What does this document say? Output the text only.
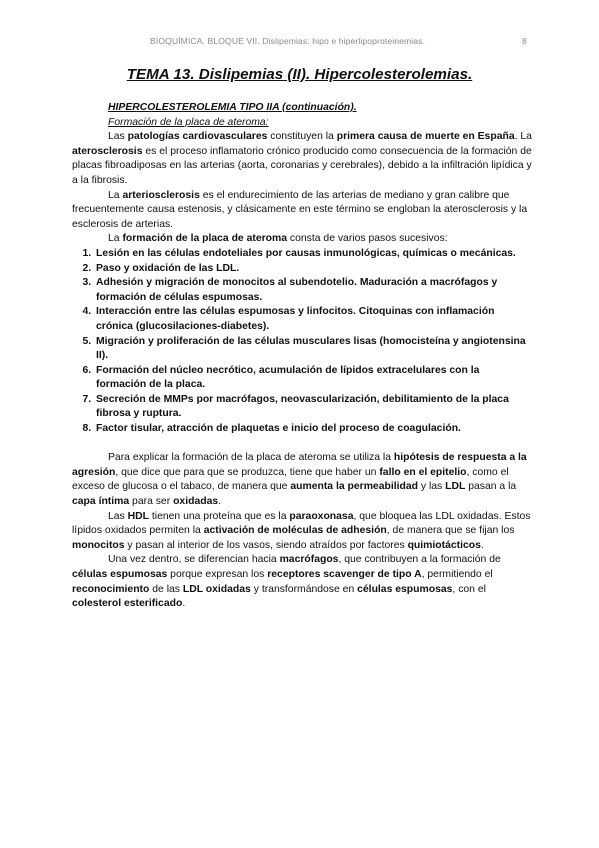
BIOQUÍMICA. BLOQUE VII. Dislipemias: hipo e hiperlipoproteinemias.	8
TEMA 13. Dislipemias (II). Hipercolesterolemias.

HIPERCOLESTEROLEMIA TIPO IIA (continuación).

Formación de la placa de ateroma:

Las patologías cardiovasculares constituyen la primera causa de muerte en España. La aterosclerosis es el proceso inflamatorio crónico producido como consecuencia de la formación de placas fibroadiposas en las arterias (aorta, coronarias y cerebrales), debido a la infiltración lipídica y a la fibrosis.

La arteriosclerosis es el endurecimiento de las arterias de mediano y gran calibre que frecuentemente causa estenosis, y clásicamente en este término se engloban la aterosclerosis y la esclerosis de arterias.

La formación de la placa de ateroma consta de varios pasos sucesivos:

1. Lesión en las células endoteliales por causas inmunológicas, químicas o mecánicas.
2. Paso y oxidación de las LDL.
3. Adhesión y migración de monocitos al subendotelio. Maduración a macrófagos y formación de células espumosas.
4. Interacción entre las células espumosas y linfocitos. Citoquinas con inflamación crónica (glucosilaciones-diabetes).
5. Migración y proliferación de las células musculares lisas (homocisteína y angiotensina II).
6. Formación del núcleo necrótico, acumulación de lípidos extracelulares con la formación de la placa.
7. Secreción de MMPs por macrófagos, neovascularización, debilitamiento de la placa fibrosa y ruptura.
8. Factor tisular, atracción de plaquetas e inicio del proceso de coagulación.

Para explicar la formación de la placa de ateroma se utiliza la hipótesis de respuesta a la agresión, que dice que para que se produzca, tiene que haber un fallo en el epitelio, como el exceso de glucosa o el tabaco, de manera que aumenta la permeabilidad y las LDL pasan a la capa íntima para ser oxidadas.

Las HDL tienen una proteína que es la paraoxonasa, que bloquea las LDL oxidadas. Estos lípidos oxidados permiten la activación de moléculas de adhesión, de manera que se fijan los monocitos y pasan al interior de los vasos, siendo atraídos por factores quimiotácticos.

Una vez dentro, se diferencian hacia macrófagos, que contribuyen a la formación de células espumosas porque expresan los receptores scavenger de tipo A, permitiendo el reconocimiento de las LDL oxidadas y transformándose en células espumosas, con el colesterol esterificado.
